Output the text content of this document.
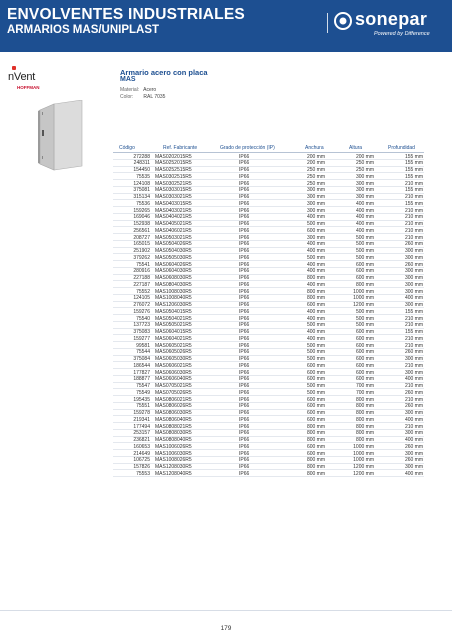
ENVOLVENTES INDUSTRIALES
ARMARIOS MAS/UNIPLAST
sonepar
Powered by Difference
nVent
HOFFMAN
Armario acero con placa
MAS
Material: Acero
Color: RAL 7035
Código	Ref. Fabricante	Grado de protección (IP)	Anchura	Altura	Profundidad
272288 MAS0202015R5	IP66	200 mm	200 mm	155 mm
248311 MAS0252015R5	IP66	200 mm	250 mm	155 mm
154450 MAS0252515R5	IP66	250 mm	250 mm	155 mm
75535 MAS0302515R5	IP66	250 mm	300 mm	155 mm
124108 MAS0302521R5	IP66	250 mm	300 mm	210 mm
375081 MAS0303015R5	IP66	300 mm	300 mm	155 mm
315134 MAS0303021R5	IP66	300 mm	300 mm	210 mm
75536 MAS0403015R5	IP66	300 mm	400 mm	155 mm
159265 MAS0403021R5	IP66	300 mm	400 mm	210 mm
169046 MAS0404021R5	IP66	400 mm	400 mm	210 mm
152938 MAS0405021R5	IP66	500 mm	400 mm	210 mm
256561 MAS0406021R5	IP66	600 mm	400 mm	210 mm
208727 MAS0503021R5	IP66	300 mm	500 mm	210 mm
165015 MAS0504026R5	IP66	400 mm	500 mm	260 mm
251902 MAS0504030R5	IP66	400 mm	500 mm	300 mm
379262 MAS0505030R5	IP66	500 mm	500 mm	300 mm
75541 MAS0604026R5	IP66	400 mm	600 mm	260 mm
280916 MAS0604030R5	IP66	400 mm	600 mm	300 mm
227188 MAS0608030R5	IP66	800 mm	600 mm	300 mm
227187 MAS0804030R5	IP66	400 mm	800 mm	300 mm
75552 MAS1008030R5	IP66	800 mm	1000 mm	300 mm
124105 MAS1008040R5	IP66	800 mm	1000 mm	400 mm
276072 MAS1206030R5	IP66	600 mm	1200 mm	300 mm
159276 MAS0504015R5	IP66	400 mm	500 mm	155 mm
75540 MAS0504021R5	IP66	400 mm	500 mm	210 mm
137723 MAS0505021R5	IP66	500 mm	500 mm	210 mm
375083 MAS0604015R5	IP66	400 mm	600 mm	155 mm
159277 MAS0604021R5	IP66	400 mm	600 mm	210 mm
99581 MAS0605021R5	IP66	500 mm	600 mm	210 mm
75544 MAS0605026R5	IP66	500 mm	600 mm	260 mm
375084 MAS0605030R5	IP66	500 mm	600 mm	300 mm
186544 MAS0606021R5	IP66	600 mm	600 mm	210 mm
177827 MAS0606030R5	IP66	600 mm	600 mm	300 mm
188877 MAS0606040R5	IP66	600 mm	600 mm	400 mm
75547 MAS0705021R5	IP66	500 mm	700 mm	210 mm
75549 MAS0705026R5	IP66	500 mm	700 mm	260 mm
195435 MAS0806021R5	IP66	600 mm	800 mm	210 mm
75551 MAS0806026R5	IP66	600 mm	800 mm	260 mm
159278 MAS0806030R5	IP66	600 mm	800 mm	300 mm
219341 MAS0806040R5	IP66	600 mm	800 mm	400 mm
177494 MAS0808021R5	IP66	800 mm	800 mm	210 mm
253157 MAS0808030R5	IP66	800 mm	800 mm	300 mm
236821 MAS0808040R5	IP66	800 mm	800 mm	400 mm
160653 MAS1006026R5	IP66	600 mm	1000 mm	260 mm
214649 MAS1006030R5	IP66	600 mm	1000 mm	300 mm
106725 MAS1008026R5	IP66	800 mm	1000 mm	260 mm
157826 MAS1208030R5	IP66	800 mm	1200 mm	300 mm
75553 MAS1208040R5	IP66	800 mm	1200 mm	400 mm
179
